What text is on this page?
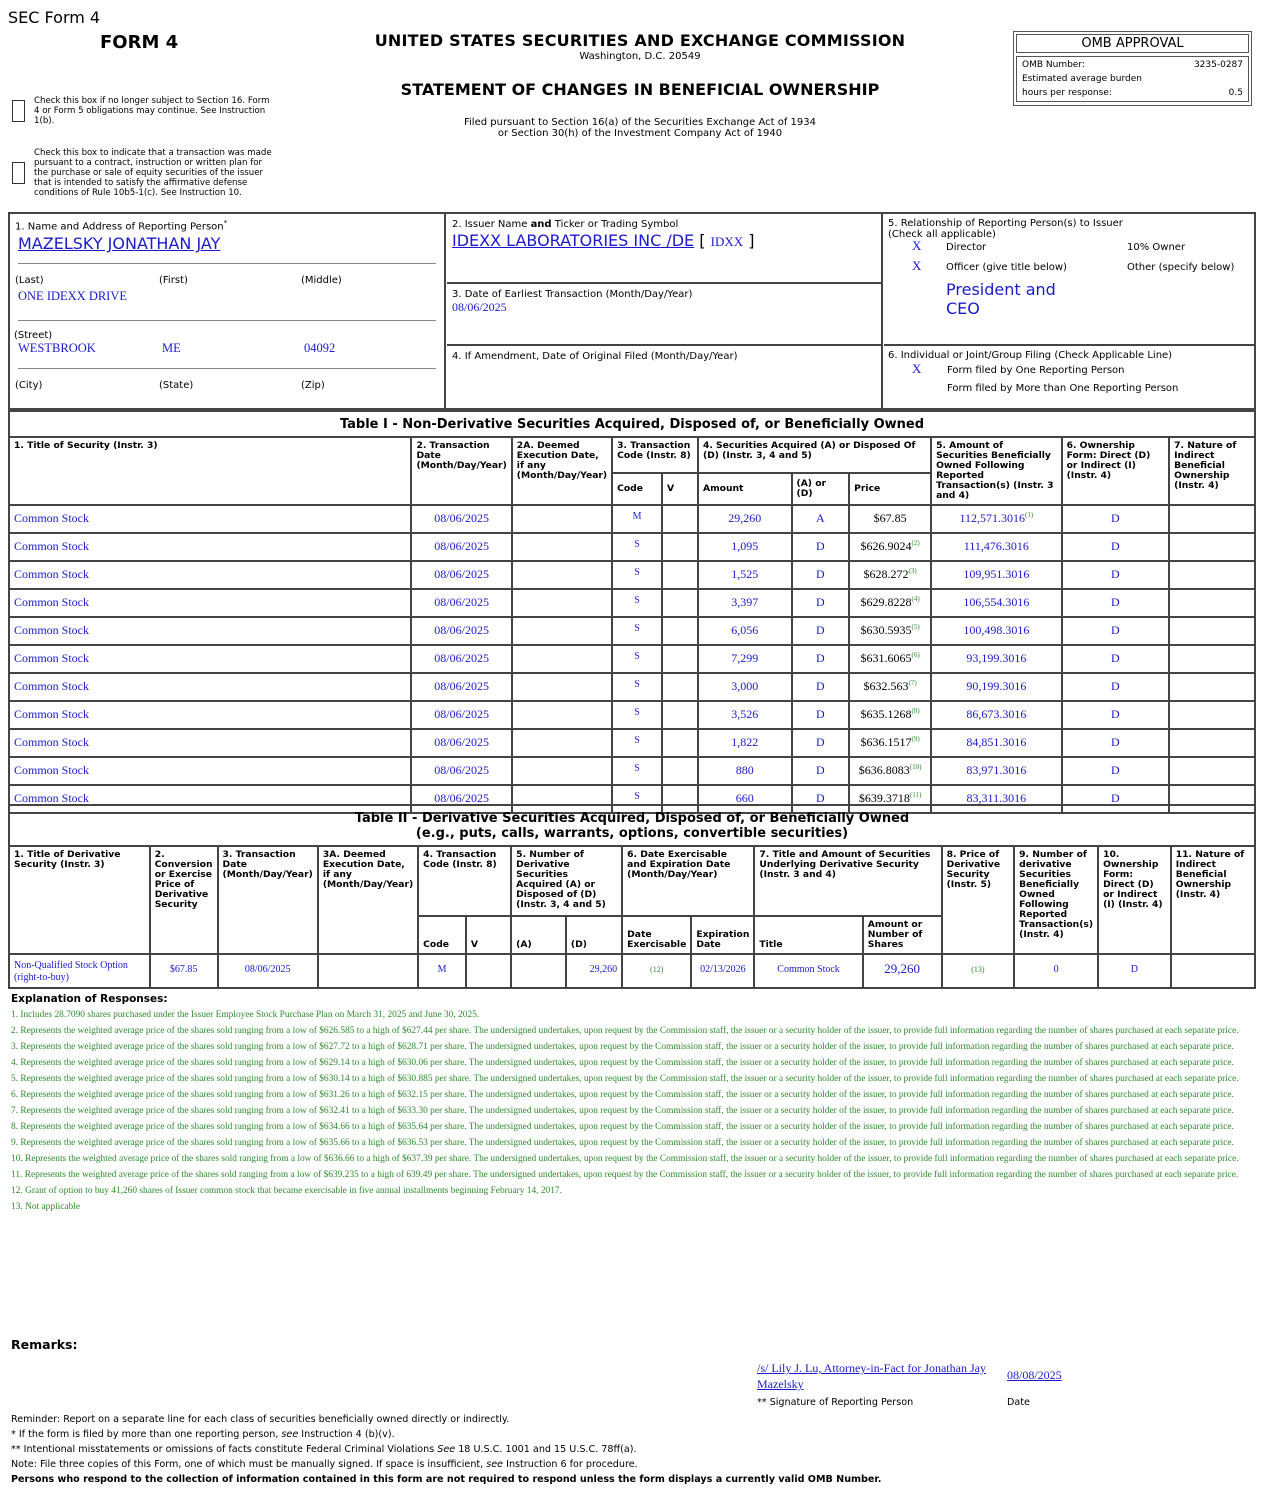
SEC Form 4
FORM 4	UNITED STATES SECURITIES AND EXCHANGE COMMISSION
Washington, D.C. 20549
STATEMENT OF CHANGES IN BENEFICIAL OWNERSHIP
Filed pursuant to Section 16(a) of the Securities Exchange Act of 1934
or Section 30(h) of the Investment Company Act of 1940
OMB APPROVAL
OMB Number:	3235-0287
Estimated average burden
hours per response:	0.5
Check this box if no longer subject to Section 16. Form 4 or Form 5 obligations may continue. See Instruction 1(b).
Check this box to indicate that a transaction was made pursuant to a contract, instruction or written plan for the purchase or sale of equity securities of the issuer that is intended to satisfy the affirmative defense conditions of Rule 10b5-1(c). See Instruction 10.
1. Name and Address of Reporting Person*
MAZELSKY JONATHAN JAY
(Last)	(First)	(Middle)
ONE IDEXX DRIVE
(Street)
WESTBROOK	ME	04092
(City)	(State)	(Zip)
2. Issuer Name and Ticker or Trading Symbol
IDEXX LABORATORIES INC /DE [ IDXX ]
3. Date of Earliest Transaction (Month/Day/Year)
08/06/2025
4. If Amendment, Date of Original Filed (Month/Day/Year)
5. Relationship of Reporting Person(s) to Issuer
(Check all applicable)
X Director	10% Owner
X Officer (give title below)	Other (specify below)
President and
CEO
6. Individual or Joint/Group Filing (Check Applicable Line)
X	Form filed by One Reporting Person
Form filed by More than One Reporting Person
Table I - Non-Derivative Securities Acquired, Disposed of, or Beneficially Owned										
1. Title of Security (Instr. 3)	2. Transaction Date (Month/Day/Year)	2A. Deemed Execution Date, if any (Month/Day/Year)	3. Transaction Code (Instr. 8)		4. Securities Acquired (A) or Disposed Of (D) (Instr. 3, 4 and 5)			5. Amount of Securities Beneficially Owned Following Reported Transaction(s) (Instr. 3 and 4)	6. Ownership Form: Direct (D) or Indirect (I) (Instr. 4)	7. Nature of Indirect Beneficial Ownership (Instr. 4)
			Code	V	Amount	(A) or (D)	Price			
Common Stock	08/06/2025		M		29,260	A	$67.85	112,571.3016$^{(1)}$	D	
Common Stock	08/06/2025		S		1,095	D	$626.9024$^{(2)}$	111,476.3016	D	
Common Stock	08/06/2025		S		1,525	D	$628.272$^{(3)}$	109,951.3016	D	
Common Stock	08/06/2025		S		3,397	D	$629.8228$^{(4)}$	106,554.3016	D	
Common Stock	08/06/2025		S		6,056	D	$630.5935$^{(5)}$	100,498.3016	D	
Common Stock	08/06/2025		S		7,299	D	$631.6065$^{(6)}$	93,199.3016	D	
Common Stock	08/06/2025		S		3,000	D	$632.563$^{(7)}$	90,199.3016	D	
Common Stock	08/06/2025		S		3,526	D	$635.1268$^{(8)}$	86,673.3016	D	
Common Stock	08/06/2025		S		1,822	D	$636.1517$^{(9)}$	84,851.3016	D	
Common Stock	08/06/2025		S		880	D	$636.8083$^{(10)}$	83,971.3016	D	
Common Stock	08/06/2025		S		660	D	$639.3718$^{(11)}$	83,311.3016	D	
Table II - Derivative Securities Acquired, Disposed of, or Beneficially Owned
(e.g., puts, calls, warrants, options, convertible securities)															

1. Title of Derivative Security (Instr. 3)	2. Conversion or Exercise Price of Derivative Security	3. Transaction Date (Month/Day/Year)	3A. Deemed Execution Date, if any (Month/Day/Year)	4. Transaction Code (Instr. 8)		5. Number of Derivative Securities Acquired (A) or Disposed of (D) (Instr. 3, 4 and 5)		6. Date Exercisable and Expiration Date (Month/Day/Year)		7. Title and Amount of Securities Underlying Derivative Security (Instr. 3 and 4)		8. Price of Derivative Security (Instr. 5)	9. Number of derivative Securities Beneficially Owned Following Reported Transaction(s) (Instr. 4)	10. Ownership Form: Direct (D) or Indirect (I) (Instr. 4)	11. Nature of Indirect Beneficial Ownership (Instr. 4)
				Code	V	(A)	(D)	Date Exercisable	Expiration Date	Title	Amount or Number of Shares				
Non-Qualified Stock Option (right-to-buy)	$67.85	08/06/2025		M			29,260	(12)	02/13/2026	Common Stock	29,260	(13)	0	D	
Explanation of Responses:
1. Includes 28.7090 shares purchased under the Issuer Employee Stock Purchase Plan on March 31, 2025 and June 30, 2025.
2. Represents the weighted average price of the shares sold ranging from a low of $626.585 to a high of $627.44 per share. The undersigned undertakes, upon request by the Commission staff, the issuer or a security holder of the issuer, to provide full information regarding the number of shares purchased at each separate price.
3. Represents the weighted average price of the shares sold ranging from a low of $627.72 to a high of $628.71 per share. The undersigned undertakes, upon request by the Commission staff, the issuer or a security holder of the issuer, to provide full information regarding the number of shares purchased at each separate price.
4. Represents the weighted average price of the shares sold ranging from a low of $629.14 to a high of $630.06 per share. The undersigned undertakes, upon request by the Commission staff, the issuer or a security holder of the issuer, to provide full information regarding the number of shares purchased at each separate price.
5. Represents the weighted average price of the shares sold ranging from a low of $630.14 to a high of $630.885 per share. The undersigned undertakes, upon request by the Commission staff, the issuer or a security holder of the issuer, to provide full information regarding the number of shares purchased at each separate price.
6. Represents the weighted average price of the shares sold ranging from a low of $631.26 to a high of $632.15 per share. The undersigned undertakes, upon request by the Commission staff, the issuer or a security holder of the issuer, to provide full information regarding the number of shares purchased at each separate price.
7. Represents the weighted average price of the shares sold ranging from a low of $632.41 to a high of $633.30 per share. The undersigned undertakes, upon request by the Commission staff, the issuer or a security holder of the issuer, to provide full information regarding the number of shares purchased at each separate price.
8. Represents the weighted average price of the shares sold ranging from a low of $634.66 to a high of $635.64 per share. The undersigned undertakes, upon request by the Commission staff, the issuer or a security holder of the issuer, to provide full information regarding the number of shares purchased at each separate price.
9. Represents the weighted average price of the shares sold ranging from a low of $635.66 to a high of $636.53 per share. The undersigned undertakes, upon request by the Commission staff, the issuer or a security holder of the issuer, to provide full information regarding the number of shares purchased at each separate price.
10. Represents the weighted average price of the shares sold ranging from a low of $636.66 to a high of $637.39 per share. The undersigned undertakes, upon request by the Commission staff, the issuer or a security holder of the issuer, to provide full information regarding the number of shares purchased at each separate price.
11. Represents the weighted average price of the shares sold ranging from a low of $639.235 to a high of 639.49 per share. The undersigned undertakes, upon request by the Commission staff, the issuer or a security holder of the issuer, to provide full information regarding the number of shares purchased at each separate price.
12. Grant of option to buy 41,260 shares of Issuer common stock that became exercisable in five annual installments beginning February 14, 2017.
13. Not applicable
Remarks:
/s/ Lily J. Lu, Attorney-in-Fact for Jonathan Jay Mazelsky
08/08/2025
** Signature of Reporting Person	Date
Reminder: Report on a separate line for each class of securities beneficially owned directly or indirectly.
* If the form is filed by more than one reporting person, see Instruction 4 (b)(v).
** Intentional misstatements or omissions of facts constitute Federal Criminal Violations See 18 U.S.C. 1001 and 15 U.S.C. 78ff(a).
Note: File three copies of this Form, one of which must be manually signed. If space is insufficient, see Instruction 6 for procedure.
Persons who respond to the collection of information contained in this form are not required to respond unless the form displays a currently valid OMB Number.
